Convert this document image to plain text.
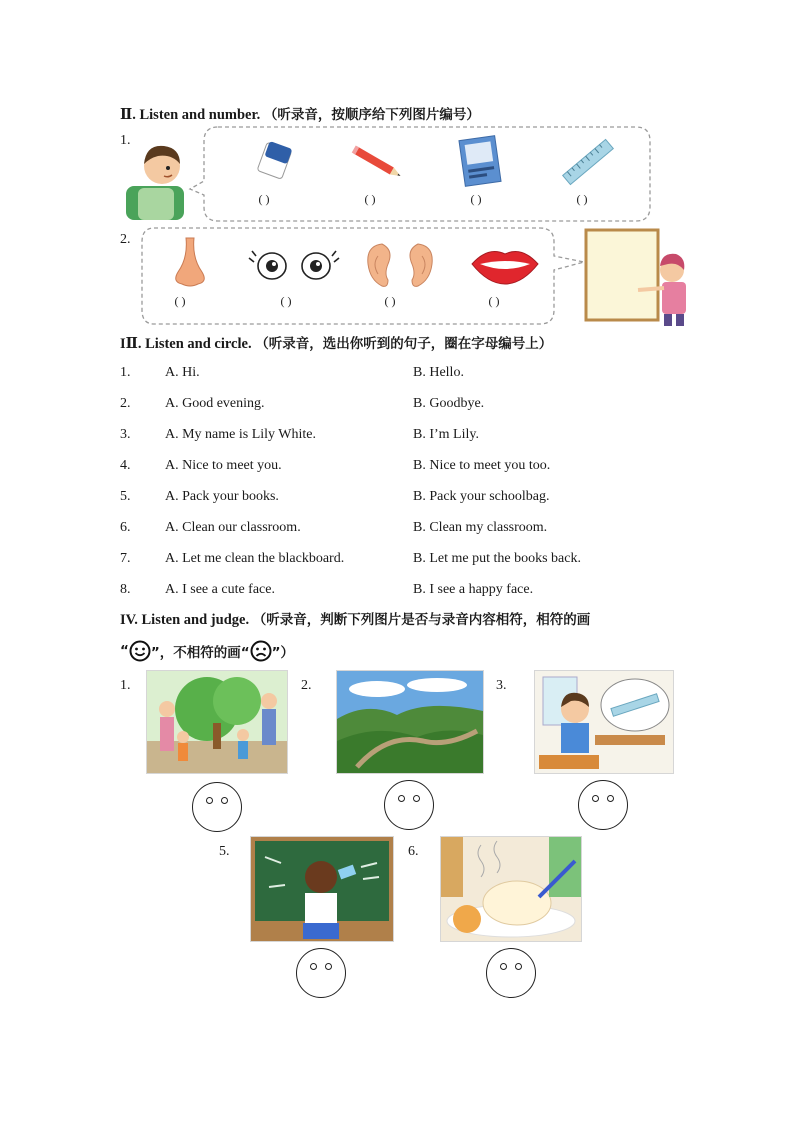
Ⅱ. Listen and number. （听录音，按顺序给下列图片编号）
1.
( )	( )	( )	( )
2.
( )	( )	( )	( )
IⅡ. Listen and circle. （听录音，选出你听到的句子，圈在字母编号上）
1. A. Hi.	B. Hello.
2. A. Good evening.	B. Goodbye.
3. A. My name is Lily White.	B. I’m Lily.
4. A. Nice to meet you.	B. Nice to meet you too.
5. A. Pack your books.	B. Pack your schoolbag.
6. A. Clean our classroom.	B. Clean my classroom.
7. A. Let me clean the blackboard.	B. Let me put the books back.
8. A. I see a cute face.	B. I see a happy face.
IV. Listen and judge. （听录音，判断下列图片是否与录音内容相符，相符的画
“ ”，不相符的画“ ”）
1.	2.	3.
5.	6.
